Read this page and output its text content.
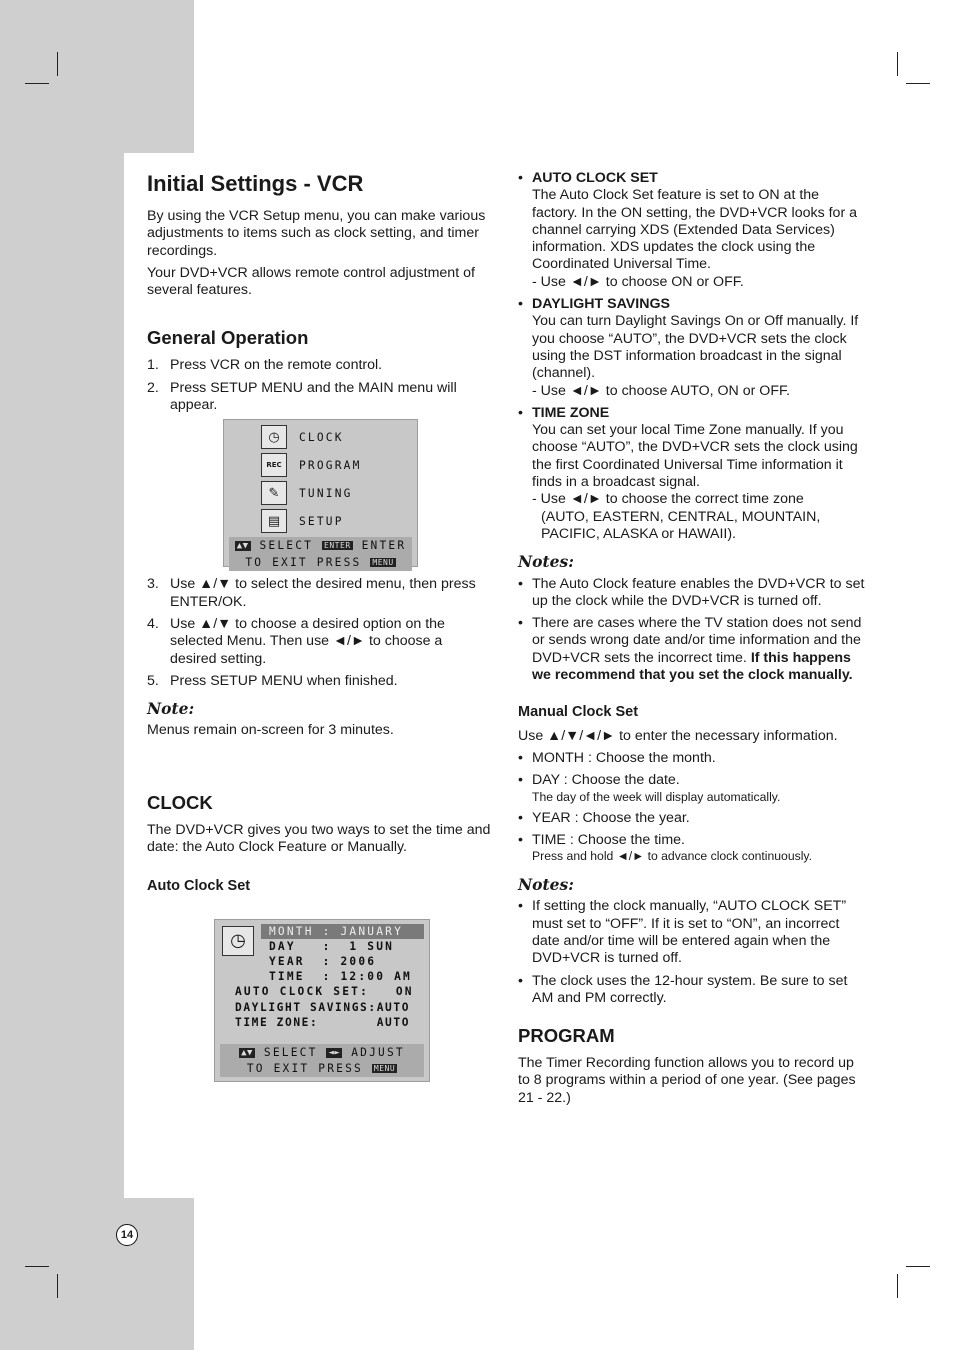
Initial Settings - VCR

By using the VCR Setup menu, you can make various adjustments to items such as clock setting, and timer recordings.

Your DVD+VCR allows remote control adjustment of several features.

General Operation
1. Press VCR on the remote control.
2. Press SETUP MENU and the MAIN menu will appear.
◷	CLOCK
REC	PROGRAM
✎	TUNING
▤	SETUP
▲▼ SELECT ENTER ENTER
TO EXIT PRESS MENU
3. Use ▲/▼ to select the desired menu, then press ENTER/OK.
4. Use ▲/▼ to choose a desired option on the selected Menu. Then use ◄/► to choose a desired setting.
5. Press SETUP MENU when finished.
Note:

Menus remain on-screen for 3 minutes.

CLOCK

The DVD+VCR gives you two ways to set the time and date: the Auto Clock Feature or Manually.

Auto Clock Set
◷	MONTH : JANUARY
DAY   :  1 SUN
YEAR  : 2006
TIME  : 12:00 AM
AUTO CLOCK SET:   ON
DAYLIGHT SAVINGS:AUTO
TIME ZONE:       AUTO
▲▼ SELECT ◄► ADJUST
TO EXIT PRESS MENU
• AUTO CLOCK SET
The Auto Clock Set feature is set to ON at the factory. In the ON setting, the DVD+VCR looks for a channel carrying XDS (Extended Data Services) information. XDS updates the clock using the Coordinated Universal Time.
- Use ◄/► to choose ON or OFF.
• DAYLIGHT SAVINGS
You can turn Daylight Savings On or Off manually. If you choose “AUTO”, the DVD+VCR sets the clock using the DST information broadcast in the signal (channel).
- Use ◄/► to choose AUTO, ON or OFF.
• TIME ZONE
You can set your local Time Zone manually. If you choose “AUTO”, the DVD+VCR sets the clock using the first Coordinated Universal Time information it finds in a broadcast signal.
- Use ◄/► to choose the correct time zone
(AUTO, EASTERN, CENTRAL, MOUNTAIN, PACIFIC, ALASKA or HAWAII).
Notes:
• The Auto Clock feature enables the DVD+VCR to set up the clock while the DVD+VCR is turned off.
• There are cases where the TV station does not send or sends wrong date and/or time information and the DVD+VCR sets the incorrect time. If this happens we recommend that you set the clock manually.
Manual Clock Set

Use ▲/▼/◄/► to enter the necessary information.

• MONTH : Choose the month.
• DAY : Choose the date.
The day of the week will display automatically.
• YEAR : Choose the year.
• TIME : Choose the time.
Press and hold ◄/► to advance clock continuously.
Notes:
• If setting the clock manually, “AUTO CLOCK SET” must set to “OFF”. If it is set to “ON”, an incorrect date and/or time will be entered again when the DVD+VCR is turned off.
• The clock uses the 12-hour system. Be sure to set AM and PM correctly.
PROGRAM

The Timer Recording function allows you to record up to 8 programs within a period of one year. (See pages 21 - 22.)

14
